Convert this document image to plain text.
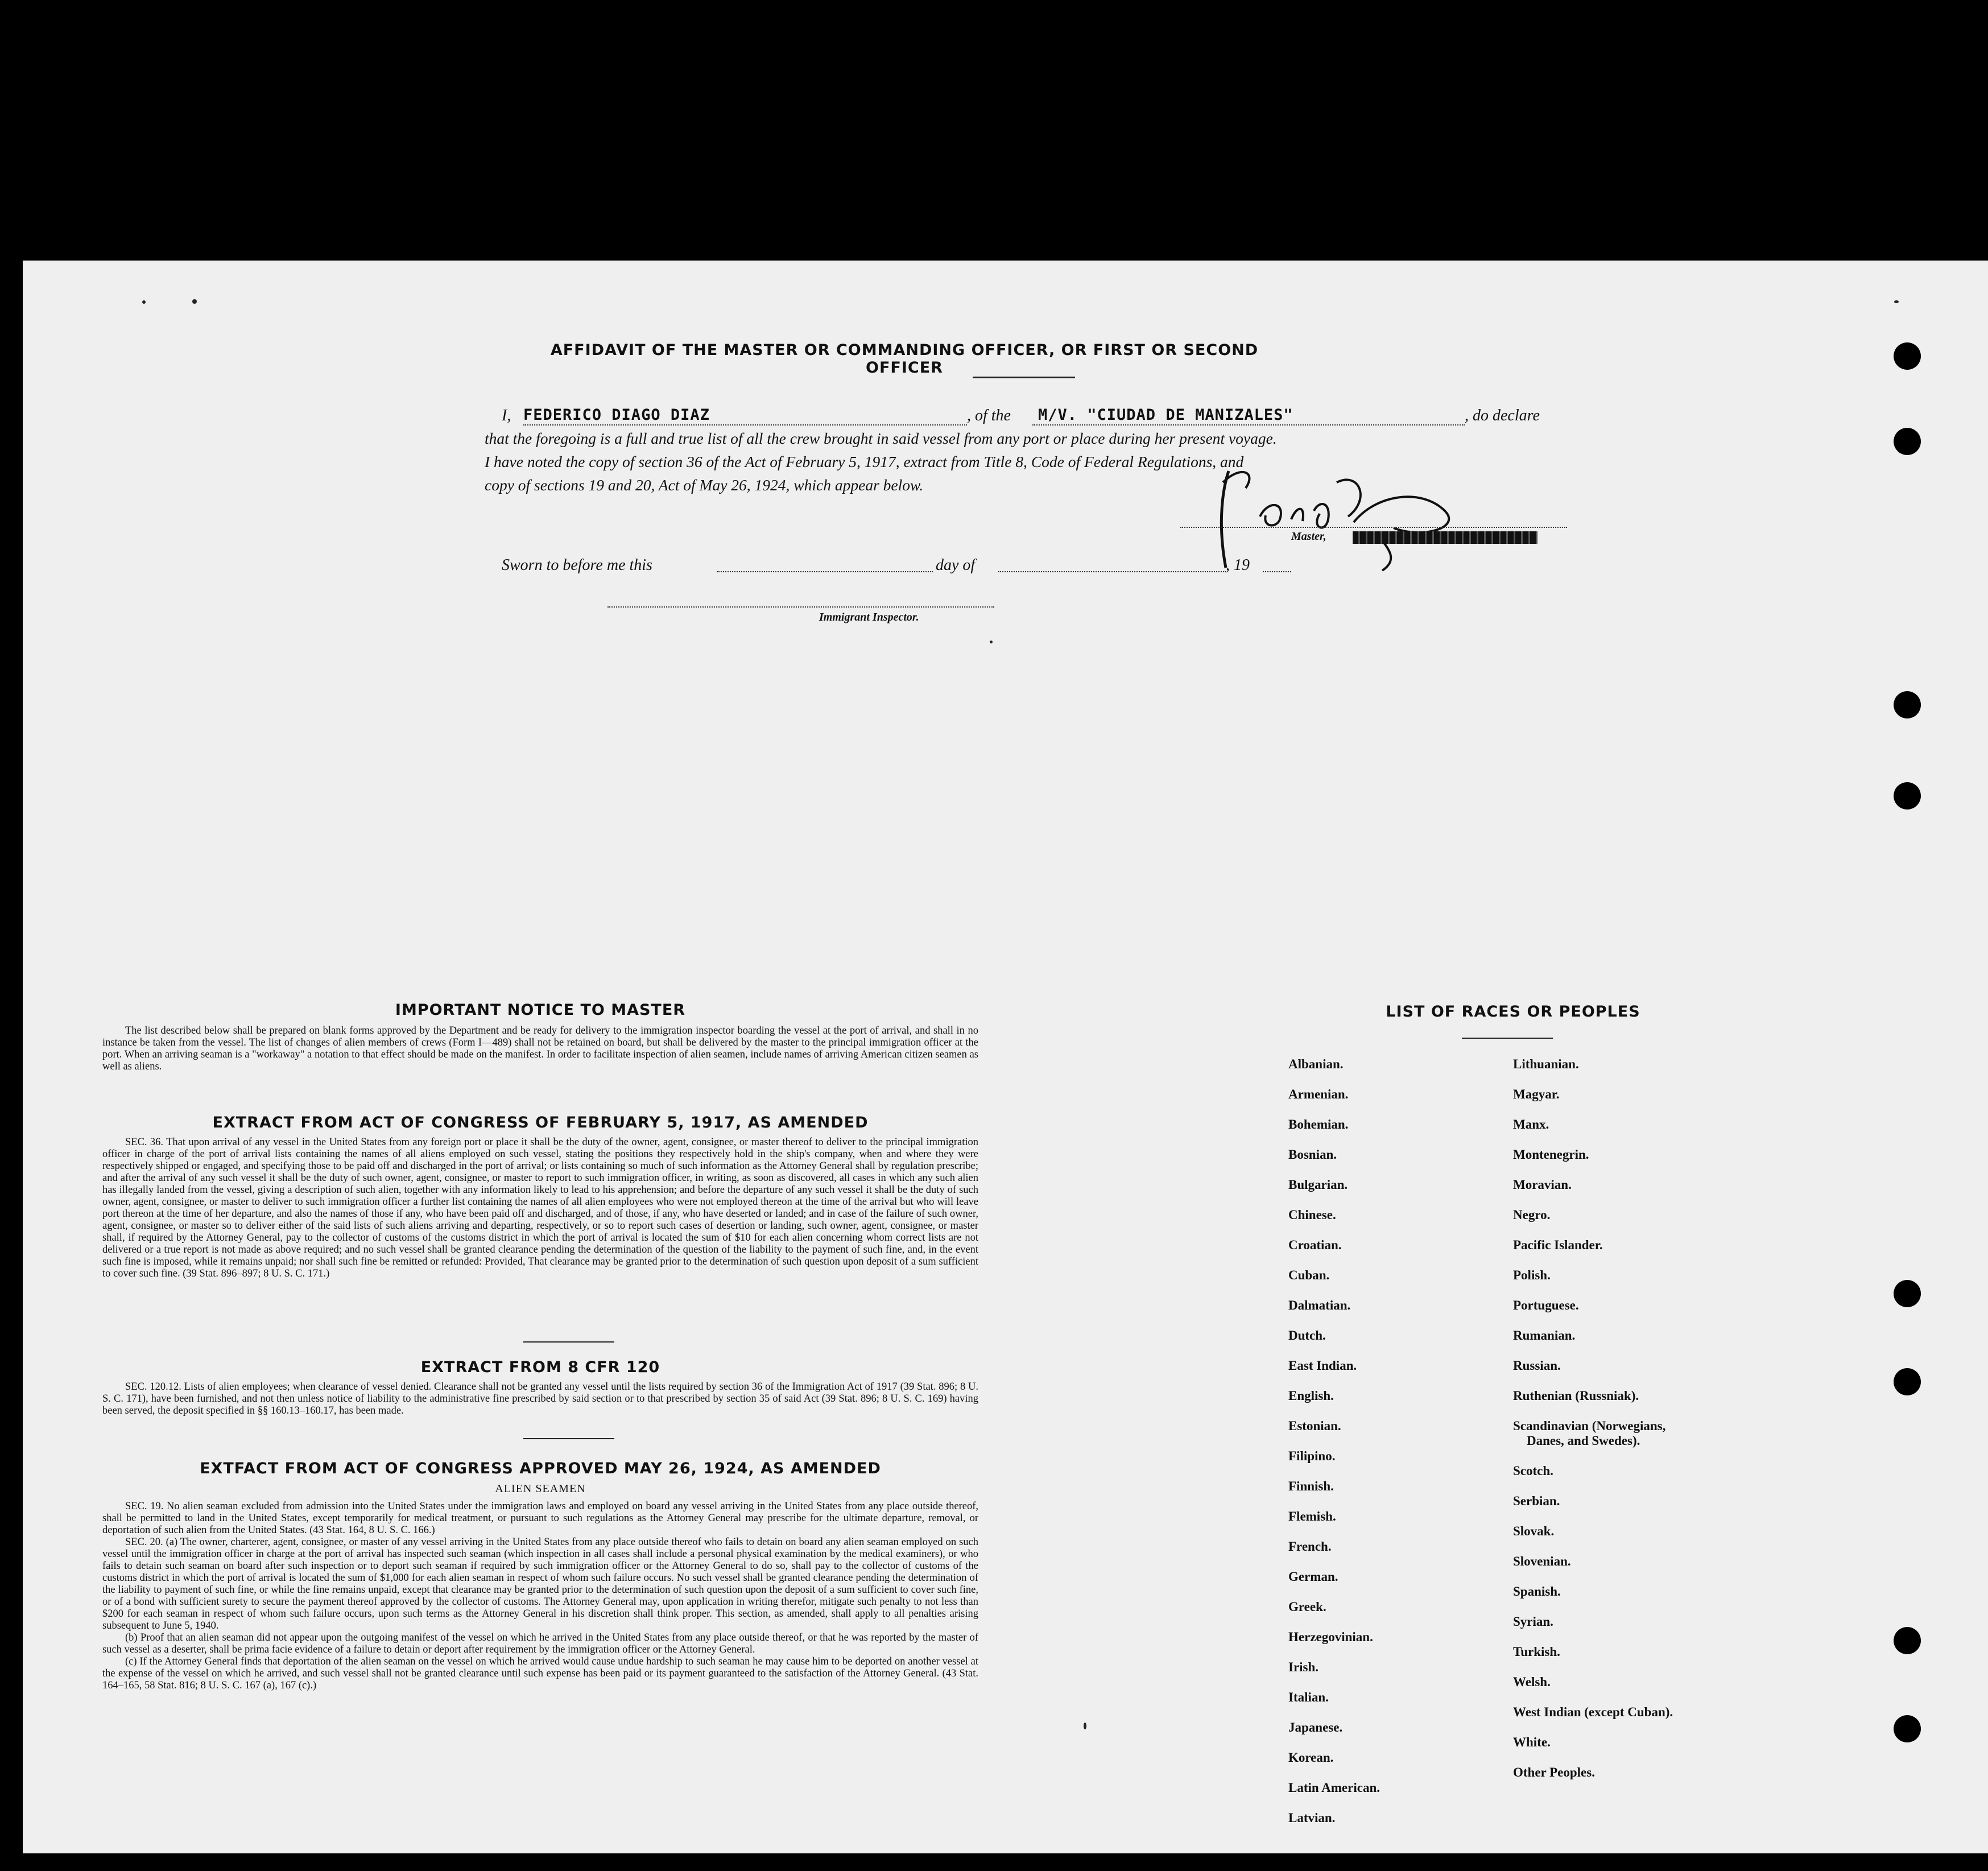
AFFIDAVIT OF THE MASTER OR COMMANDING OFFICER, OR FIRST OR SECOND OFFICER
I, FEDERICO DIAGO DIAZ	, of the M/V. "CIUDAD DE MANIZALES"	, do declare
that the foregoing is a full and true list of all the crew brought in said vessel from any port or place during her present voyage.
I have noted the copy of section 36 of the Act of February 5, 1917, extract from Title 8, Code of Federal Regulations, and
copy of sections 19 and 20, Act of May 26, 1924, which appear below.
Master,
Sworn to before me this	day of	, 19
Immigrant Inspector.
IMPORTANT NOTICE TO MASTER

The list described below shall be prepared on blank forms approved by the Department and be ready for delivery to the immigration inspector boarding the vessel at the port of arrival, and shall in no instance be taken from the vessel. The list of changes of alien members of crews (Form I—489) shall not be retained on board, but shall be delivered by the master to the principal immigration officer at the port. When an arriving seaman is a "workaway" a notation to that effect should be made on the manifest. In order to facilitate inspection of alien seamen, include names of arriving American citizen seamen as well as aliens.

EXTRACT FROM ACT OF CONGRESS OF FEBRUARY 5, 1917, AS AMENDED

SEC. 36. That upon arrival of any vessel in the United States from any foreign port or place it shall be the duty of the owner, agent, consignee, or master thereof to deliver to the principal immigration officer in charge of the port of arrival lists containing the names of all aliens employed on such vessel, stating the positions they respectively hold in the ship's company, when and where they were respectively shipped or engaged, and specifying those to be paid off and discharged in the port of arrival; or lists containing so much of such information as the Attorney General shall by regulation prescribe; and after the arrival of any such vessel it shall be the duty of such owner, agent, consignee, or master to report to such immigration officer, in writing, as soon as discovered, all cases in which any such alien has illegally landed from the vessel, giving a description of such alien, together with any information likely to lead to his apprehension; and before the departure of any such vessel it shall be the duty of such owner, agent, consignee, or master to deliver to such immigration officer a further list containing the names of all alien employees who were not employed thereon at the time of the arrival but who will leave port thereon at the time of her departure, and also the names of those if any, who have been paid off and discharged, and of those, if any, who have deserted or landed; and in case of the failure of such owner, agent, consignee, or master so to deliver either of the said lists of such aliens arriving and departing, respectively, or so to report such cases of desertion or landing, such owner, agent, consignee, or master shall, if required by the Attorney General, pay to the collector of customs of the customs district in which the port of arrival is located the sum of $10 for each alien concerning whom correct lists are not delivered or a true report is not made as above required; and no such vessel shall be granted clearance pending the determination of the question of the liability to the payment of such fine, and, in the event such fine is imposed, while it remains unpaid; nor shall such fine be remitted or refunded: Provided, That clearance may be granted prior to the determination of such question upon deposit of a sum sufficient to cover such fine. (39 Stat. 896–897; 8 U. S. C. 171.)

EXTRACT FROM 8 CFR 120

SEC. 120.12. Lists of alien employees; when clearance of vessel denied. Clearance shall not be granted any vessel until the lists required by section 36 of the Immigration Act of 1917 (39 Stat. 896; 8 U. S. C. 171), have been furnished, and not then unless notice of liability to the administrative fine prescribed by said section or to that prescribed by section 35 of said Act (39 Stat. 896; 8 U. S. C. 169) having been served, the deposit specified in §§ 160.13–160.17, has been made.

EXTFACT FROM ACT OF CONGRESS APPROVED MAY 26, 1924, AS AMENDED
ALIEN SEAMEN

SEC. 19. No alien seaman excluded from admission into the United States under the immigration laws and employed on board any vessel arriving in the United States from any place outside thereof, shall be permitted to land in the United States, except temporarily for medical treatment, or pursuant to such regulations as the Attorney General may prescribe for the ultimate departure, removal, or deportation of such alien from the United States. (43 Stat. 164, 8 U. S. C. 166.)

SEC. 20. (a) The owner, charterer, agent, consignee, or master of any vessel arriving in the United States from any place outside thereof who fails to detain on board any alien seaman employed on such vessel until the immigration officer in charge at the port of arrival has inspected such seaman (which inspection in all cases shall include a personal physical examination by the medical examiners), or who fails to detain such seaman on board after such inspection or to deport such seaman if required by such immigration officer or the Attorney General to do so, shall pay to the collector of customs of the customs district in which the port of arrival is located the sum of $1,000 for each alien seaman in respect of whom such failure occurs. No such vessel shall be granted clearance pending the determination of the liability to payment of such fine, or while the fine remains unpaid, except that clearance may be granted prior to the determination of such question upon the deposit of a sum sufficient to cover such fine, or of a bond with sufficient surety to secure the payment thereof approved by the collector of customs. The Attorney General may, upon application in writing therefor, mitigate such penalty to not less than $200 for each seaman in respect of whom such failure occurs, upon such terms as the Attorney General in his discretion shall think proper. This section, as amended, shall apply to all penalties arising subsequent to June 5, 1940.

(b) Proof that an alien seaman did not appear upon the outgoing manifest of the vessel on which he arrived in the United States from any place outside thereof, or that he was reported by the master of such vessel as a deserter, shall be prima facie evidence of a failure to detain or deport after requirement by the immigration officer or the Attorney General.

(c) If the Attorney General finds that deportation of the alien seaman on the vessel on which he arrived would cause undue hardship to such seaman he may cause him to be deported on another vessel at the expense of the vessel on which he arrived, and such vessel shall not be granted clearance until such expense has been paid or its payment guaranteed to the satisfaction of the Attorney General. (43 Stat. 164–165, 58 Stat. 816; 8 U. S. C. 167 (a), 167 (c).)

LIST OF RACES OR PEOPLES
Albanian.
Armenian.
Bohemian.
Bosnian.
Bulgarian.
Chinese.
Croatian.
Cuban.
Dalmatian.
Dutch.
East Indian.
English.
Estonian.
Filipino.
Finnish.
Flemish.
French.
German.
Greek.
Herzegovinian.
Irish.
Italian.
Japanese.
Korean.
Latin American.
Latvian.
Lithuanian.
Magyar.
Manx.
Montenegrin.
Moravian.
Negro.
Pacific Islander.
Polish.
Portuguese.
Rumanian.
Russian.
Ruthenian (Russniak).
Scandinavian (Norwegians,
Danes, and Swedes).
Scotch.
Serbian.
Slovak.
Slovenian.
Spanish.
Syrian.
Turkish.
Welsh.
West Indian (except Cuban).
White.
Other Peoples.
